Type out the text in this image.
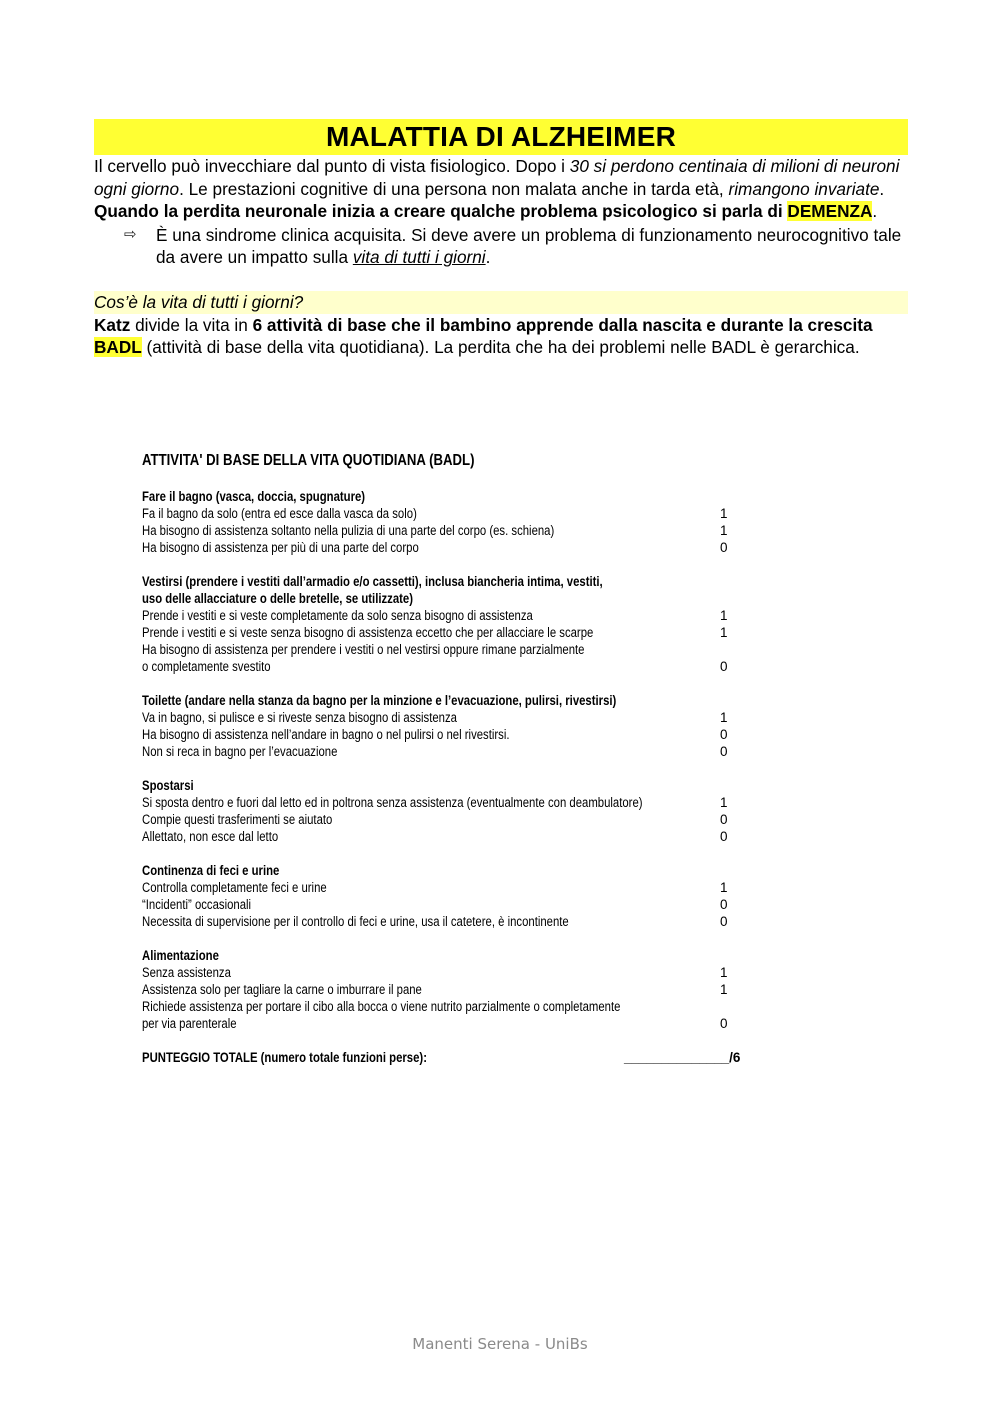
MALATTIA DI ALZHEIMER
Il cervello può invecchiare dal punto di vista fisiologico. Dopo i 30 si perdono centinaia di milioni di neuroni ogni giorno. Le prestazioni cognitive di una persona non malata anche in tarda età, rimangono invariate.
Quando la perdita neuronale inizia a creare qualche problema psicologico si parla di DEMENZA.
⇨ È una sindrome clinica acquisita. Si deve avere un problema di funzionamento neurocognitivo tale da avere un impatto sulla vita di tutti i giorni.
Cos’è la vita di tutti i giorni?
Katz divide la vita in 6 attività di base che il bambino apprende dalla nascita e durante la crescita BADL (attività di base della vita quotidiana). La perdita che ha dei problemi nelle BADL è gerarchica.
ATTIVITA' DI BASE DELLA VITA QUOTIDIANA (BADL)
Fare il bagno (vasca, doccia, spugnature)
Fa il bagno da solo (entra ed esce dalla vasca da solo)	1
Ha bisogno di assistenza soltanto nella pulizia di una parte del corpo (es. schiena)	1
Ha bisogno di assistenza per più di una parte del corpo	0
Vestirsi (prendere i vestiti dall’armadio e/o cassetti), inclusa biancheria intima, vestiti,
uso delle allacciature o delle bretelle, se utilizzate)
Prende i vestiti e si veste completamente da solo senza bisogno di assistenza	1
Prende i vestiti e si veste senza bisogno di assistenza eccetto che per allacciare le scarpe	1
Ha bisogno di assistenza per prendere i vestiti o nel vestirsi oppure rimane parzialmente
o completamente svestito	0
Toilette (andare nella stanza da bagno per la minzione e l’evacuazione, pulirsi, rivestirsi)
Va in bagno, si pulisce e si riveste senza bisogno di assistenza	1
Ha bisogno di assistenza nell’andare in bagno o nel pulirsi o nel rivestirsi.	0
Non si reca in bagno per l’evacuazione	0
Spostarsi
Si sposta dentro e fuori dal letto ed in poltrona senza assistenza (eventualmente con deambulatore)	1
Compie questi trasferimenti se aiutato	0
Allettato, non esce dal letto	0
Continenza di feci e urine
Controlla completamente feci e urine	1
“Incidenti” occasionali	0
Necessita di supervisione per il controllo di feci e urine, usa il catetere, è incontinente	0
Alimentazione
Senza assistenza	1
Assistenza solo per tagliare la carne o imburrare il pane	1
Richiede assistenza per portare il cibo alla bocca o viene nutrito parzialmente o completamente
per via parenterale	0
PUNTEGGIO TOTALE (numero totale funzioni perse):	______________/6
Manenti Serena - UniBs
